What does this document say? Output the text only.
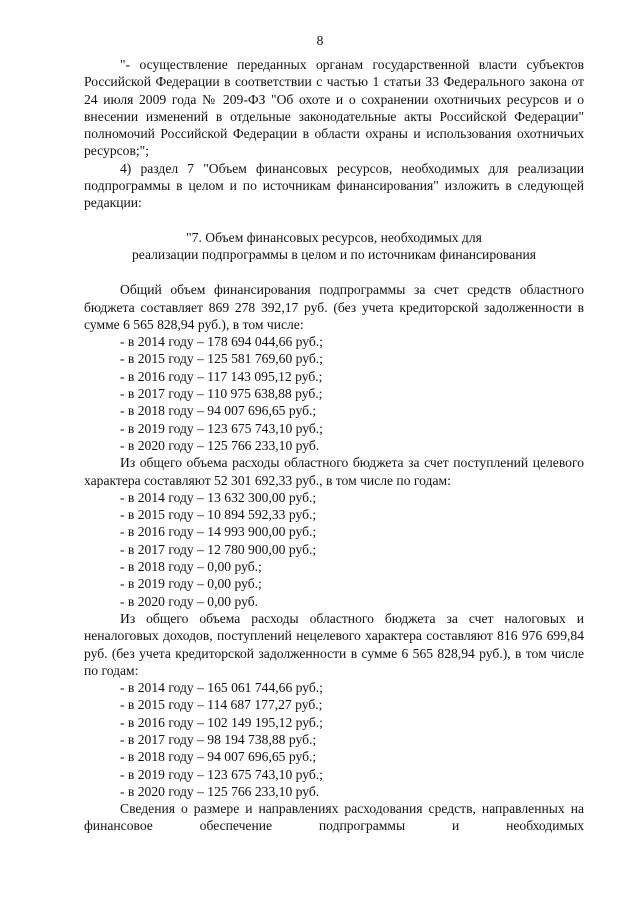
8

"- осуществление переданных органам государственной власти субъектов Российской Федерации в соответствии с частью 1 статьи 33 Федерального закона от 24 июля 2009 года № 209-ФЗ "Об охоте и о сохранении охотничьих ресурсов и о внесении изменений в отдельные законодательные акты Российской Федерации" полномочий Российской Федерации в области охраны и использования охотничьих ресурсов;";

4) раздел 7 "Объем финансовых ресурсов, необходимых для реализации подпрограммы в целом и по источникам финансирования" изложить в следующей редакции:

"7. Объем финансовых ресурсов, необходимых для

реализации подпрограммы в целом и по источникам финансирования

Общий объем финансирования подпрограммы за счет средств областного бюджета составляет 869 278 392,17 руб. (без учета кредиторской задолженности в сумме 6 565 828,94 руб.), в том числе:

- в 2014 году – 178 694 044,66 руб.;
- в 2015 году – 125 581 769,60 руб.;
- в 2016 году – 117 143 095,12 руб.;
- в 2017 году – 110 975 638,88 руб.;
- в 2018 году – 94 007 696,65 руб.;
- в 2019 году – 123 675 743,10 руб.;
- в 2020 году – 125 766 233,10 руб.

Из общего объема расходы областного бюджета за счет поступлений целевого характера составляют 52 301 692,33 руб., в том числе по годам:

- в 2014 году – 13 632 300,00 руб.;
- в 2015 году – 10 894 592,33 руб.;
- в 2016 году – 14 993 900,00 руб.;
- в 2017 году – 12 780 900,00 руб.;
- в 2018 году – 0,00 руб.;
- в 2019 году – 0,00 руб.;
- в 2020 году – 0,00 руб.

Из общего объема расходы областного бюджета за счет налоговых и неналоговых доходов, поступлений нецелевого характера составляют 816 976 699,84 руб. (без учета кредиторской задолженности в сумме 6 565 828,94 руб.), в том числе по годам:

- в 2014 году – 165 061 744,66 руб.;
- в 2015 году – 114 687 177,27 руб.;
- в 2016 году – 102 149 195,12 руб.;
- в 2017 году – 98 194 738,88 руб.;
- в 2018 году – 94 007 696,65 руб.;
- в 2019 году – 123 675 743,10 руб.;
- в 2020 году – 125 766 233,10 руб.

Сведения о размере и направлениях расходования средств, направленных на финансовое обеспечение подпрограммы и необходимых
